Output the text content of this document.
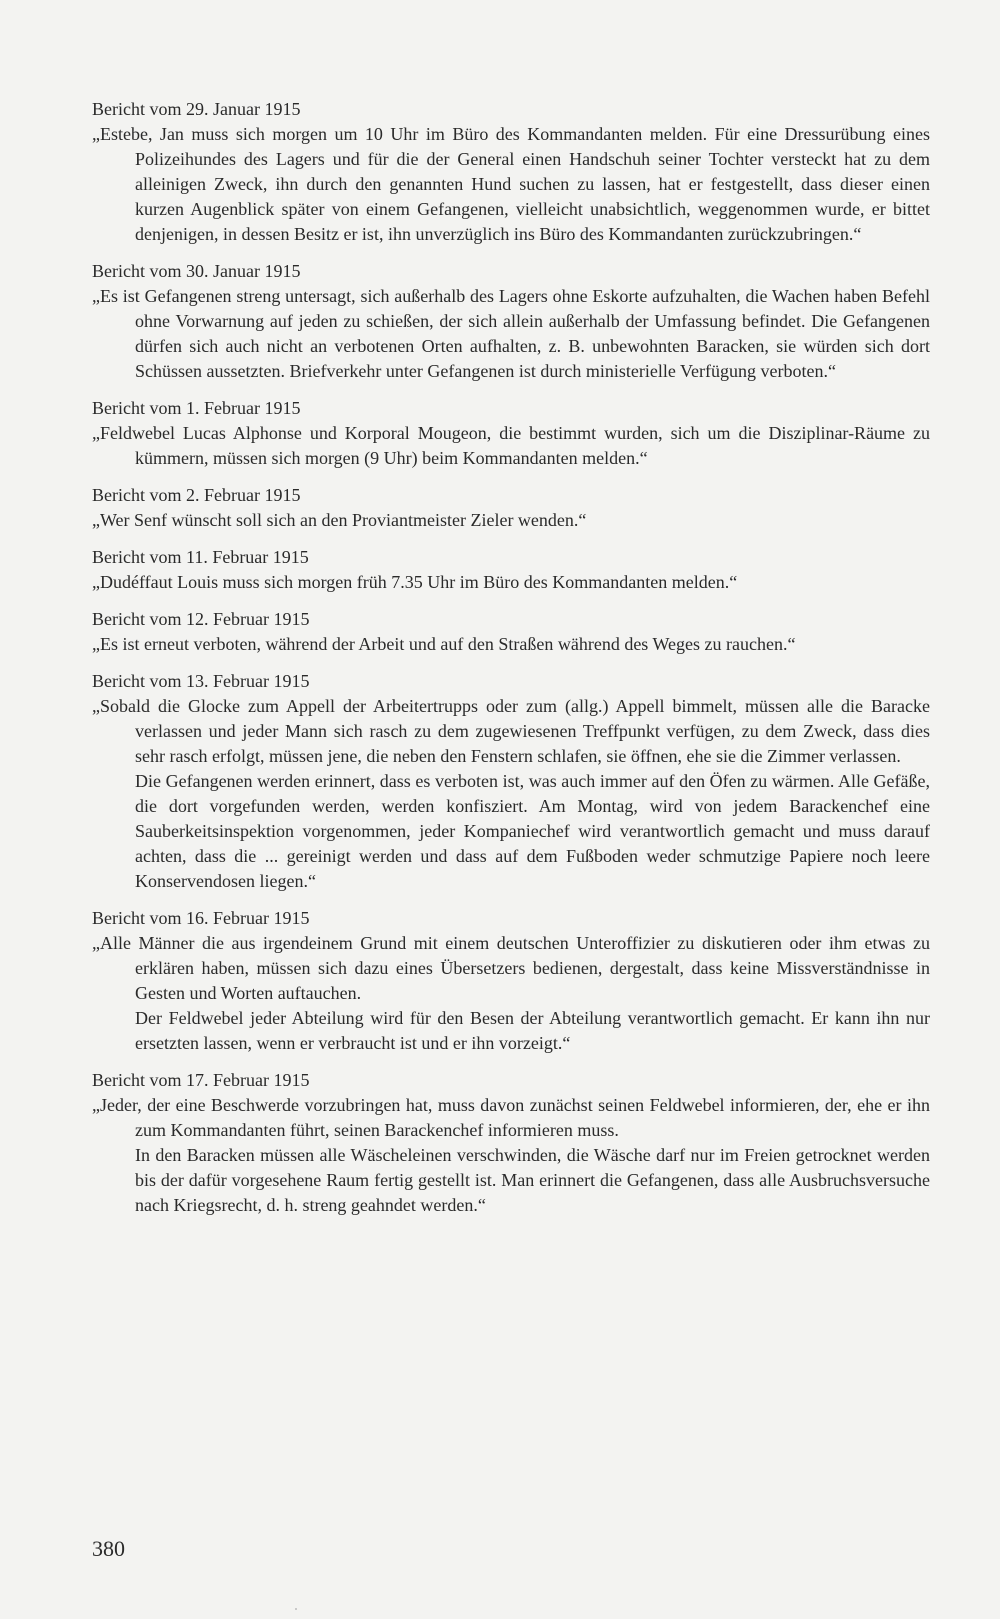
Bericht vom 29. Januar 1915

„Estebe, Jan muss sich morgen um 10 Uhr im Büro des Kommandanten melden. Für eine Dressurübung eines Polizeihundes des Lagers und für die der General einen Handschuh seiner Tochter versteckt hat zu dem alleinigen Zweck, ihn durch den genannten Hund suchen zu lassen, hat er festgestellt, dass dieser einen kurzen Augenblick später von einem Gefangenen, vielleicht unabsichtlich, weggenommen wurde, er bittet denjenigen, in dessen Besitz er ist, ihn unverzüglich ins Büro des Kommandanten zurückzubringen.“

Bericht vom 30. Januar 1915

„Es ist Gefangenen streng untersagt, sich außerhalb des Lagers ohne Eskorte aufzuhalten, die Wachen haben Befehl ohne Vorwarnung auf jeden zu schießen, der sich allein außerhalb der Umfassung befindet. Die Gefangenen dürfen sich auch nicht an verbotenen Orten aufhalten, z. B. unbewohnten Baracken, sie würden sich dort Schüssen aussetzten. Briefverkehr unter Gefangenen ist durch ministerielle Verfügung verboten.“

Bericht vom 1. Februar 1915

„Feldwebel Lucas Alphonse und Korporal Mougeon, die bestimmt wurden, sich um die Disziplinar-Räume zu kümmern, müssen sich morgen (9 Uhr) beim Kommandanten melden.“

Bericht vom 2. Februar 1915

„Wer Senf wünscht soll sich an den Proviantmeister Zieler wenden.“

Bericht vom 11. Februar 1915

„Dudéffaut Louis muss sich morgen früh 7.35 Uhr im Büro des Kommandanten melden.“

Bericht vom 12. Februar 1915

„Es ist erneut verboten, während der Arbeit und auf den Straßen während des Weges zu rauchen.“

Bericht vom 13. Februar 1915

„Sobald die Glocke zum Appell der Arbeitertrupps oder zum (allg.) Appell bimmelt, müssen alle die Baracke verlassen und jeder Mann sich rasch zu dem zugewiesenen Treffpunkt verfügen, zu dem Zweck, dass dies sehr rasch erfolgt, müssen jene, die neben den Fenstern schlafen, sie öffnen, ehe sie die Zimmer verlassen.

Die Gefangenen werden erinnert, dass es verboten ist, was auch immer auf den Öfen zu wärmen. Alle Gefäße, die dort vorgefunden werden, werden konfisziert. Am Montag, wird von jedem Barackenchef eine Sauberkeitsinspektion vorgenommen, jeder Kompaniechef wird verantwortlich gemacht und muss darauf achten, dass die ... gereinigt werden und dass auf dem Fußboden weder schmutzige Papiere noch leere Konservendosen liegen.“

Bericht vom 16. Februar 1915

„Alle Männer die aus irgendeinem Grund mit einem deutschen Unteroffizier zu diskutieren oder ihm etwas zu erklären haben, müssen sich dazu eines Übersetzers bedienen, dergestalt, dass keine Missverständnisse in Gesten und Worten auftauchen.

Der Feldwebel jeder Abteilung wird für den Besen der Abteilung verantwortlich gemacht. Er kann ihn nur ersetzten lassen, wenn er verbraucht ist und er ihn vorzeigt.“

Bericht vom 17. Februar 1915

„Jeder, der eine Beschwerde vorzubringen hat, muss davon zunächst seinen Feldwebel informieren, der, ehe er ihn zum Kommandanten führt, seinen Barackenchef informieren muss.

In den Baracken müssen alle Wäscheleinen verschwinden, die Wäsche darf nur im Freien getrocknet werden bis der dafür vorgesehene Raum fertig gestellt ist. Man erinnert die Gefangenen, dass alle Ausbruchsversuche nach Kriegsrecht, d. h. streng geahndet werden.“

380
